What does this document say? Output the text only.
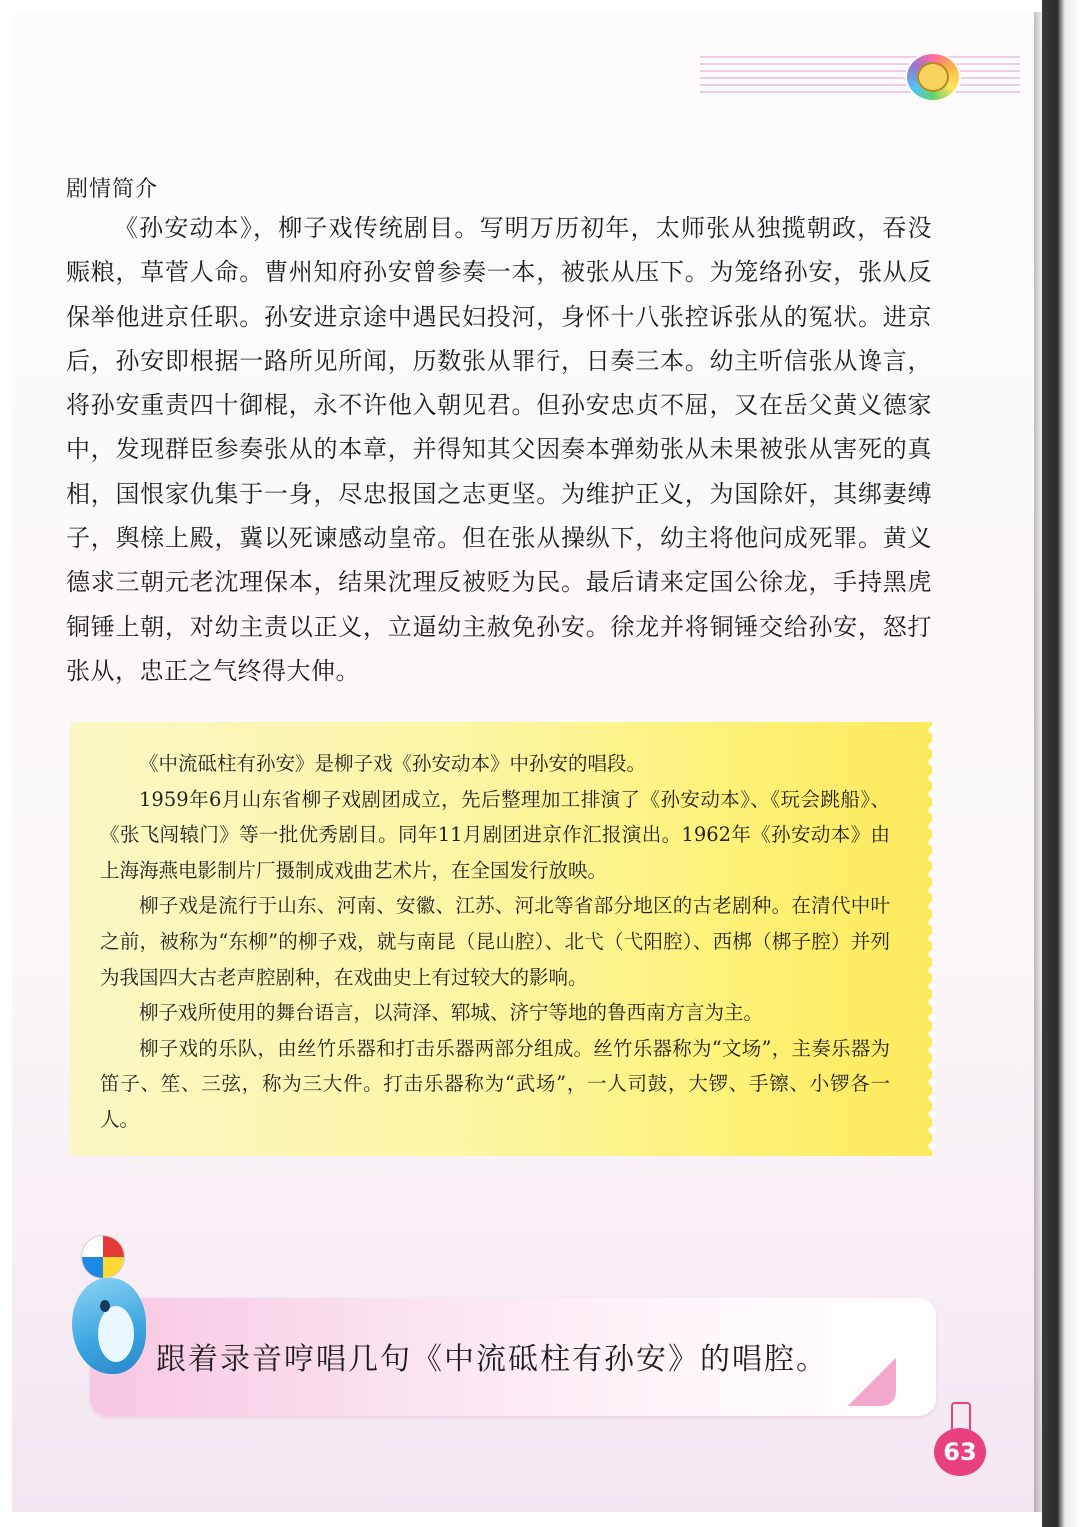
剧情简介
《孙安动本》，柳子戏传统剧目。写明万历初年，太师张从独揽朝政，吞没赈粮，草菅人命。曹州知府孙安曾参奏一本，被张从压下。为笼络孙安，张从反保举他进京任职。孙安进京途中遇民妇投河，身怀十八张控诉张从的冤状。进京后，孙安即根据一路所见所闻，历数张从罪行，日奏三本。幼主听信张从谗言，将孙安重责四十御棍，永不许他入朝见君。但孙安忠贞不屈，又在岳父黄义德家中，发现群臣参奏张从的本章，并得知其父因奏本弹劾张从未果被张从害死的真相，国恨家仇集于一身，尽忠报国之志更坚。为维护正义，为国除奸，其绑妻缚子，舆榇上殿，冀以死谏感动皇帝。但在张从操纵下，幼主将他问成死罪。黄义德求三朝元老沈理保本，结果沈理反被贬为民。最后请来定国公徐龙，手持黑虎铜锤上朝，对幼主责以正义，立逼幼主赦免孙安。徐龙并将铜锤交给孙安，怒打张从，忠正之气终得大伸。

《中流砥柱有孙安》是柳子戏《孙安动本》中孙安的唱段。

1959年6月山东省柳子戏剧团成立，先后整理加工排演了《孙安动本》、《玩会跳船》、《张飞闯辕门》等一批优秀剧目。同年11月剧团进京作汇报演出。1962年《孙安动本》由上海海燕电影制片厂摄制成戏曲艺术片，在全国发行放映。

柳子戏是流行于山东、河南、安徽、江苏、河北等省部分地区的古老剧种。在清代中叶之前，被称为“东柳”的柳子戏，就与南昆（昆山腔）、北弋（弋阳腔）、西梆（梆子腔）并列为我国四大古老声腔剧种，在戏曲史上有过较大的影响。

柳子戏所使用的舞台语言，以菏泽、郓城、济宁等地的鲁西南方言为主。

柳子戏的乐队，由丝竹乐器和打击乐器两部分组成。丝竹乐器称为“文场”，主奏乐器为笛子、笙、三弦，称为三大件。打击乐器称为“武场”，一人司鼓，大锣、手镲、小锣各一人。

跟着录音哼唱几句《中流砥柱有孙安》的唱腔。
63
